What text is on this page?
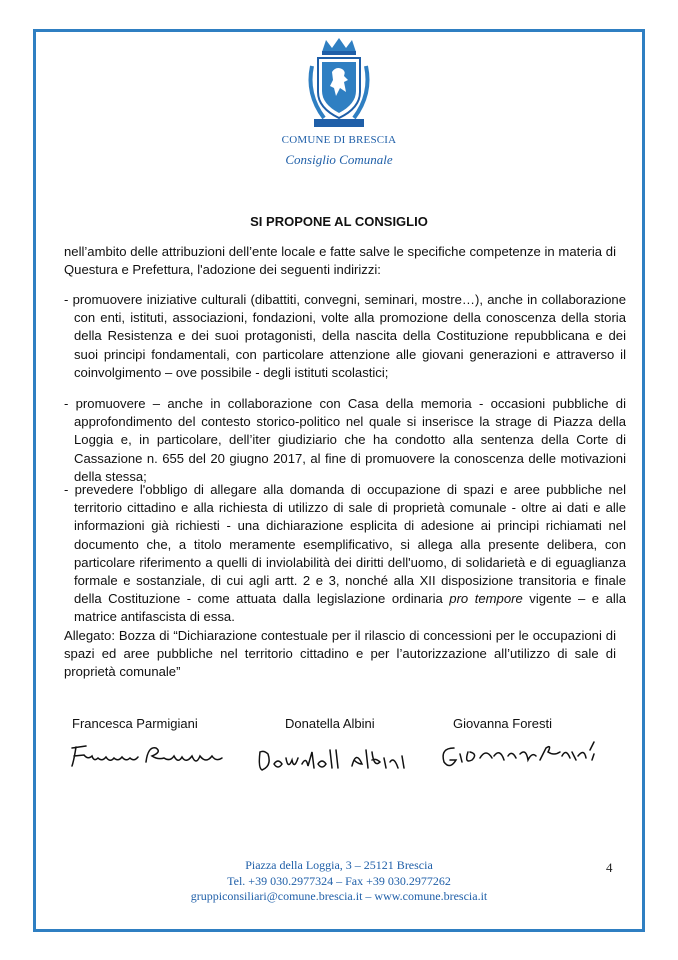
COMUNE DI BRESCIA
Consiglio Comunale
SI PROPONE AL CONSIGLIO
nell’ambito delle attribuzioni dell’ente locale e fatte salve le specifiche competenze in materia di Questura e Prefettura, l'adozione dei seguenti indirizzi:
- promuovere iniziative culturali (dibattiti, convegni, seminari, mostre…), anche in collaborazione con enti, istituti, associazioni, fondazioni, volte alla promozione della conoscenza della storia della Resistenza e dei suoi protagonisti, della nascita della Costituzione repubblicana e dei suoi principi fondamentali, con particolare attenzione alle giovani generazioni e attraverso il coinvolgimento – ove possibile - degli istituti scolastici;
- promuovere – anche in collaborazione con Casa della memoria - occasioni pubbliche di approfondimento del contesto storico-politico nel quale si inserisce la strage di Piazza della Loggia e, in particolare, dell’iter giudiziario che ha condotto alla sentenza della Corte di Cassazione n. 655 del 20 giugno 2017, al fine di promuovere la conoscenza delle motivazioni della stessa;
- prevedere l'obbligo di allegare alla domanda di occupazione di spazi e aree pubbliche nel territorio cittadino e alla richiesta di utilizzo di sale di proprietà comunale - oltre ai dati e alle informazioni già richiesti - una dichiarazione esplicita di adesione ai principi richiamati nel documento che, a titolo meramente esemplificativo, si allega alla presente delibera, con particolare riferimento a quelli di inviolabilità dei diritti dell'uomo, di solidarietà e di eguaglianza formale e sostanziale, di cui agli artt. 2 e 3, nonché alla XII disposizione transitoria e finale della Costituzione - come attuata dalla legislazione ordinaria pro tempore vigente – e alla matrice antifascista di essa.
Allegato: Bozza di “Dichiarazione contestuale per il rilascio di concessioni per le occupazioni di spazi ed aree pubbliche nel territorio cittadino e per l’autorizzazione all’utilizzo di sale di proprietà comunale”
Francesca Parmigiani	Donatella Albini	Giovanna Foresti
Piazza della Loggia, 3 – 25121 Brescia
Tel. +39 030.2977324 – Fax +39 030.2977262
gruppiconsiliari@comune.brescia.it – www.comune.brescia.it
4
